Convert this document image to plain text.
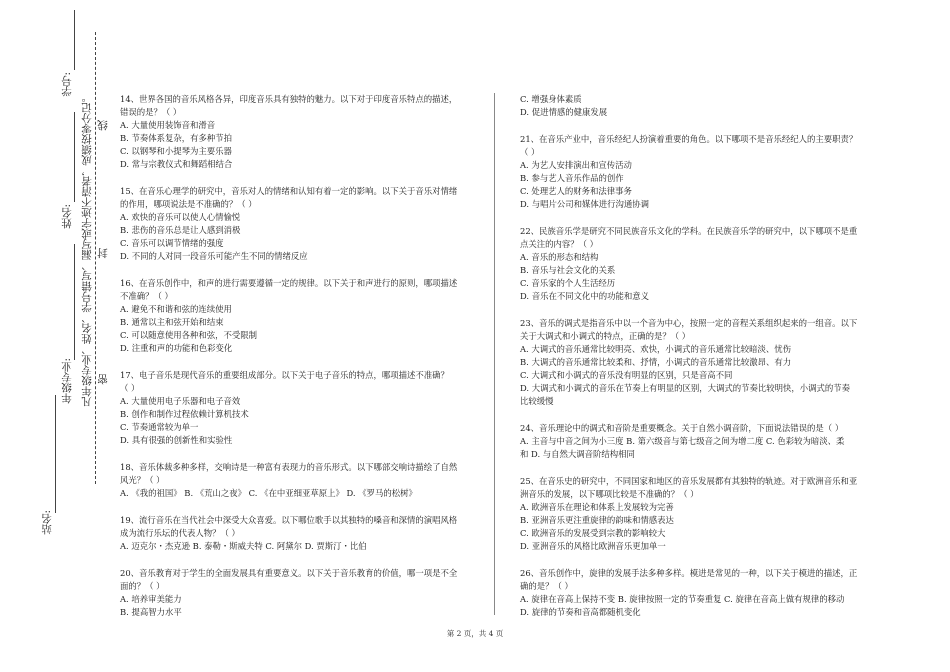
学号:
姓名:
年级专业:
站名:
凡年级专业、姓名、学号错写、漏写或字迹不清者，成绩按零分记。 线
封
密

14、世界各国的音乐风格各异，印度音乐具有独特的魅力。以下对于印度音乐特点的描述，

错误的是？（ ）

A. 大量使用装饰音和滑音

B. 节奏体系复杂，有多种节拍

C. 以钢琴和小提琴为主要乐器

D. 常与宗教仪式和舞蹈相结合

15、在音乐心理学的研究中，音乐对人的情绪和认知有着一定的影响。以下关于音乐对情绪

的作用，哪项说法是不准确的？（ ）

A. 欢快的音乐可以使人心情愉悦

B. 悲伤的音乐总是让人感到消极

C. 音乐可以调节情绪的强度

D. 不同的人对同一段音乐可能产生不同的情绪反应

16、在音乐创作中，和声的进行需要遵循一定的规律。以下关于和声进行的原则，哪项描述

不准确？（ ）

A. 避免不和谐和弦的连续使用

B. 通常以主和弦开始和结束

C. 可以随意使用各种和弦，不受限制

D. 注重和声的功能和色彩变化

17、电子音乐是现代音乐的重要组成部分。以下关于电子音乐的特点，哪项描述不准确？

（ ）

A. 大量使用电子乐器和电子音效

B. 创作和制作过程依赖计算机技术

C. 节奏通常较为单一

D. 具有很强的创新性和实验性

18、音乐体裁多种多样，交响诗是一种富有表现力的音乐形式。以下哪部交响诗描绘了自然

风光？（ ）

A. 《我的祖国》 B. 《荒山之夜》 C. 《在中亚细亚草原上》 D. 《罗马的松树》

19、流行音乐在当代社会中深受大众喜爱。以下哪位歌手以其独特的嗓音和深情的演唱风格

成为流行乐坛的代表人物？（ ）

A. 迈克尔・杰克逊 B. 泰勒・斯威夫特 C. 阿黛尔 D. 贾斯汀・比伯

20、音乐教育对于学生的全面发展具有重要意义。以下关于音乐教育的价值，哪一项是不全

面的？（ ）

A. 培养审美能力

B. 提高智力水平

C. 增强身体素质

D. 促进情感的健康发展

21、在音乐产业中，音乐经纪人扮演着重要的角色。以下哪项不是音乐经纪人的主要职责？

（ ）

A. 为艺人安排演出和宣传活动

B. 参与艺人音乐作品的创作

C. 处理艺人的财务和法律事务

D. 与唱片公司和媒体进行沟通协调

22、民族音乐学是研究不同民族音乐文化的学科。在民族音乐学的研究中，以下哪项不是重

点关注的内容？（ ）

A. 音乐的形态和结构

B. 音乐与社会文化的关系

C. 音乐家的个人生活经历

D. 音乐在不同文化中的功能和意义

23、音乐的调式是指音乐中以一个音为中心，按照一定的音程关系组织起来的一组音。以下

关于大调式和小调式的特点，正确的是？（ ）

A. 大调式的音乐通常比较明亮、欢快，小调式的音乐通常比较暗淡、忧伤

B. 大调式的音乐通常比较柔和、抒情，小调式的音乐通常比较激昂、有力

C. 大调式和小调式的音乐没有明显的区别，只是音高不同

D. 大调式和小调式的音乐在节奏上有明显的区别，大调式的节奏比较明快，小调式的节奏

比较缓慢

24、音乐理论中的调式和音阶是重要概念。关于自然小调音阶，下面说法错误的是（ ）

A. 主音与中音之间为小三度 B. 第六级音与第七级音之间为增二度 C. 色彩较为暗淡、柔

和 D. 与自然大调音阶结构相同

25、在音乐史的研究中，不同国家和地区的音乐发展都有其独特的轨迹。对于欧洲音乐和亚

洲音乐的发展，以下哪项比较是不准确的？（ ）

A. 欧洲音乐在理论和体系上发展较为完善

B. 亚洲音乐更注重旋律的韵味和情感表达

C. 欧洲音乐的发展受到宗教的影响较大

D. 亚洲音乐的风格比欧洲音乐更加单一

26、音乐创作中，旋律的发展手法多种多样。模进是常见的一种，以下关于模进的描述，正

确的是？（ ）

A. 旋律在音高上保持不变 B. 旋律按照一定的节奏重复 C. 旋律在音高上做有规律的移动

D. 旋律的节奏和音高都随机变化

第 2 页，共 4 页
